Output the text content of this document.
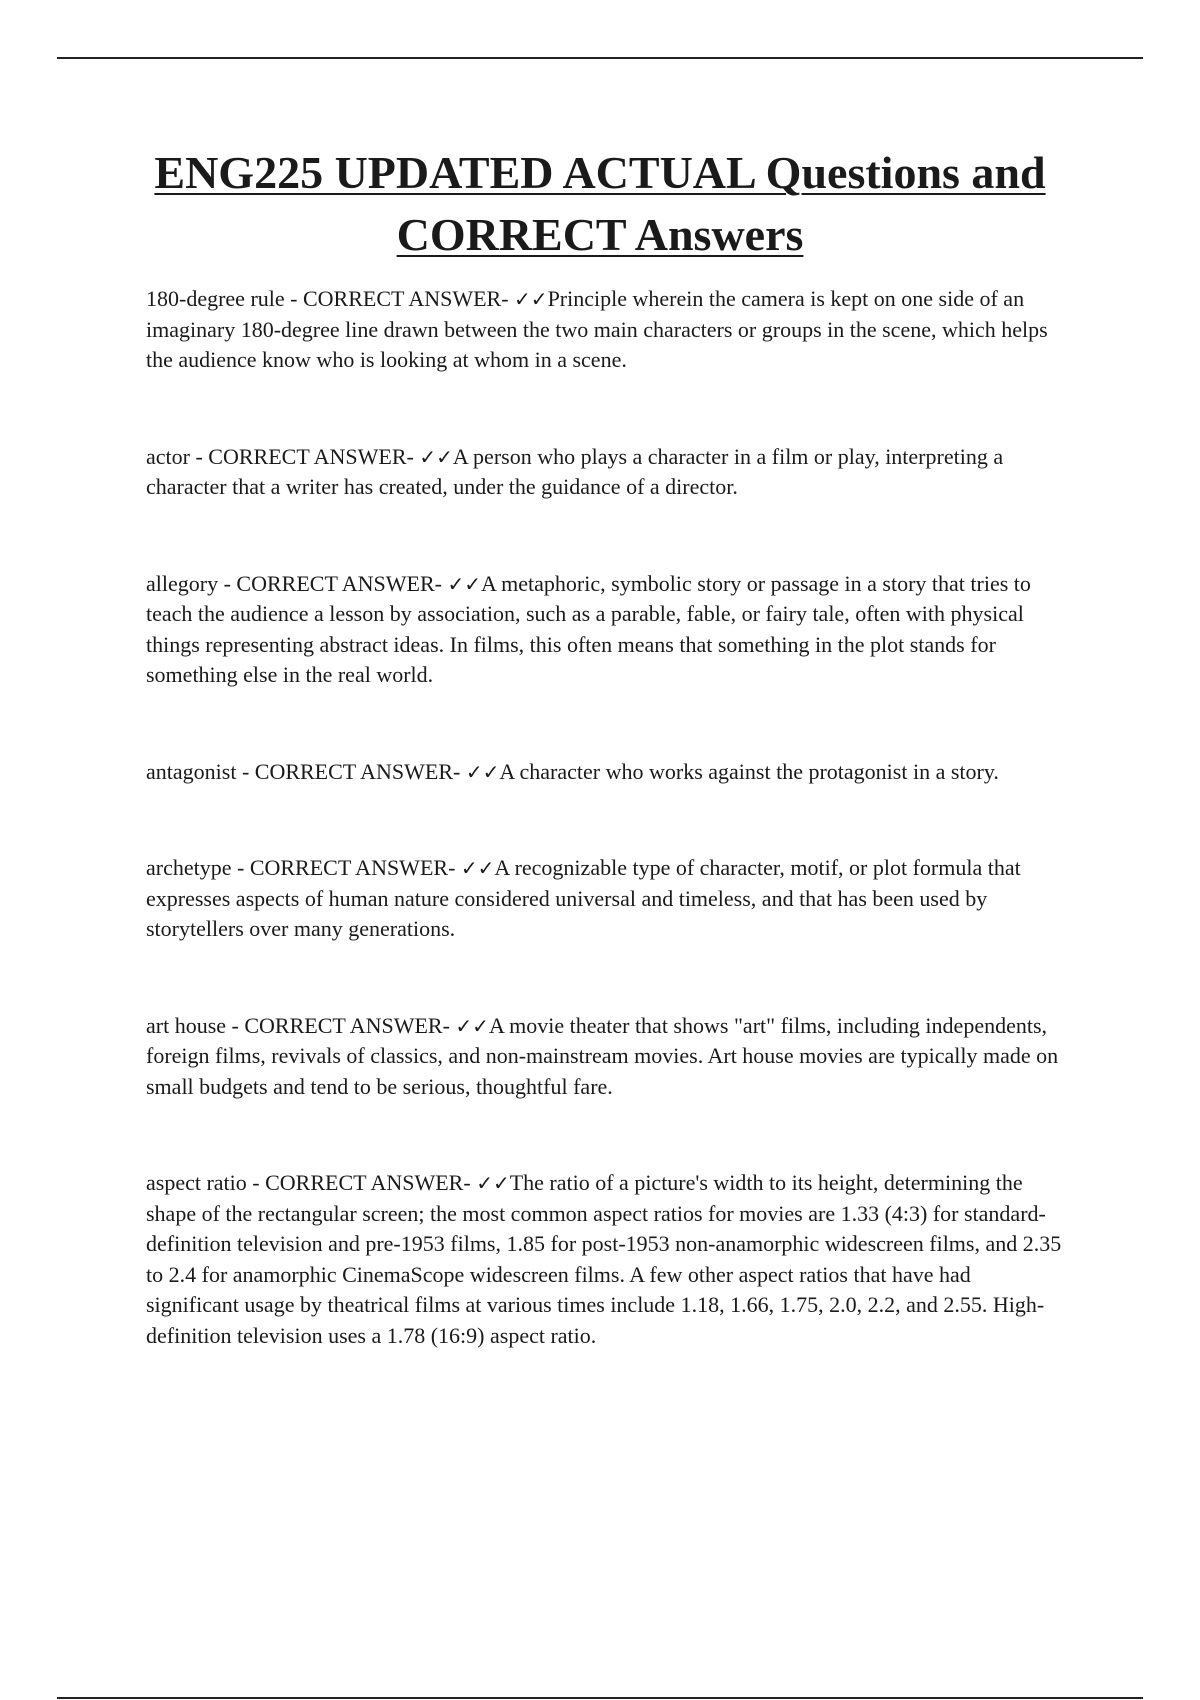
ENG225 UPDATED ACTUAL Questions and CORRECT Answers

180-degree rule - CORRECT ANSWER- ✓✓Principle wherein the camera is kept on one side of an imaginary 180-degree line drawn between the two main characters or groups in the scene, which helps the audience know who is looking at whom in a scene.

actor - CORRECT ANSWER- ✓✓A person who plays a character in a film or play, interpreting a character that a writer has created, under the guidance of a director.

allegory - CORRECT ANSWER- ✓✓A metaphoric, symbolic story or passage in a story that tries to teach the audience a lesson by association, such as a parable, fable, or fairy tale, often with physical things representing abstract ideas. In films, this often means that something in the plot stands for something else in the real world.

antagonist - CORRECT ANSWER- ✓✓A character who works against the protagonist in a story.

archetype - CORRECT ANSWER- ✓✓A recognizable type of character, motif, or plot formula that expresses aspects of human nature considered universal and timeless, and that has been used by storytellers over many generations.

art house - CORRECT ANSWER- ✓✓A movie theater that shows "art" films, including independents, foreign films, revivals of classics, and non-mainstream movies. Art house movies are typically made on small budgets and tend to be serious, thoughtful fare.

aspect ratio - CORRECT ANSWER- ✓✓The ratio of a picture's width to its height, determining the shape of the rectangular screen; the most common aspect ratios for movies are 1.33 (4:3) for standard-definition television and pre-1953 films, 1.85 for post-1953 non-anamorphic widescreen films, and 2.35 to 2.4 for anamorphic CinemaScope widescreen films. A few other aspect ratios that have had significant usage by theatrical films at various times include 1.18, 1.66, 1.75, 2.0, 2.2, and 2.55. High-definition television uses a 1.78 (16:9) aspect ratio.
